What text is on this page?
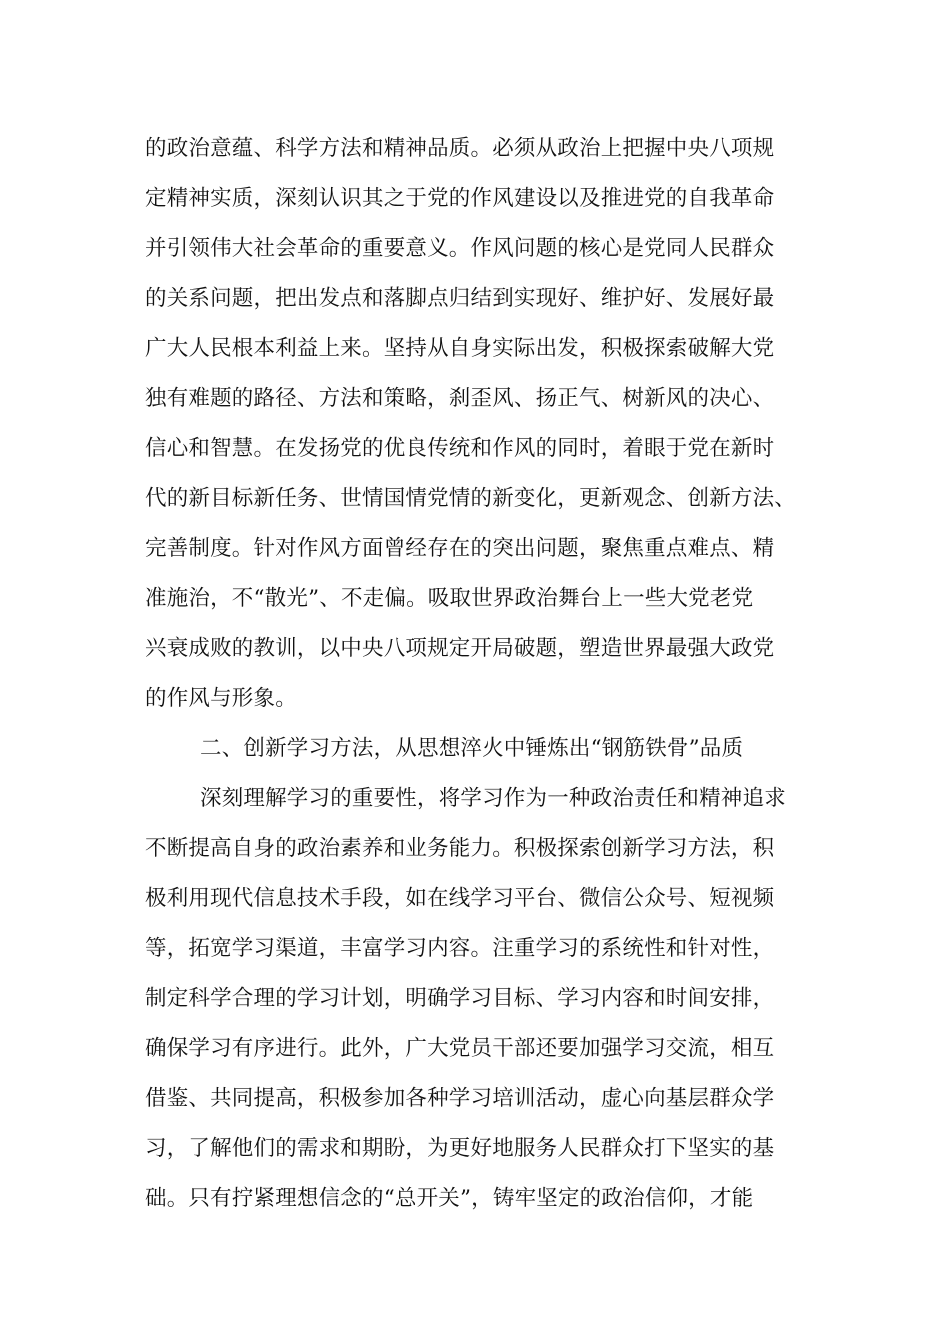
的政治意蕴、科学方法和精神品质。必须从政治上把握中央八项规
定精神实质，深刻认识其之于党的作风建设以及推进党的自我革命
并引领伟大社会革命的重要意义。作风问题的核心是党同人民群众
的关系问题，把出发点和落脚点归结到实现好、维护好、发展好最
广大人民根本利益上来。坚持从自身实际出发，积极探索破解大党
独有难题的路径、方法和策略，刹歪风、扬正气、树新风的决心、
信心和智慧。在发扬党的优良传统和作风的同时，着眼于党在新时
代的新目标新任务、世情国情党情的新变化，更新观念、创新方法、
完善制度。针对作风方面曾经存在的突出问题，聚焦重点难点、精
准施治，不“散光”、不走偏。吸取世界政治舞台上一些大党老党
兴衰成败的教训，以中央八项规定开局破题，塑造世界最强大政党
的作风与形象。
二、创新学习方法，从思想淬火中锤炼出“钢筋铁骨”品质
深刻理解学习的重要性，将学习作为一种政治责任和精神追求
不断提高自身的政治素养和业务能力。积极探索创新学习方法，积
极利用现代信息技术手段，如在线学习平台、微信公众号、短视频
等，拓宽学习渠道，丰富学习内容。注重学习的系统性和针对性，
制定科学合理的学习计划，明确学习目标、学习内容和时间安排，
确保学习有序进行。此外，广大党员干部还要加强学习交流，相互
借鉴、共同提高，积极参加各种学习培训活动，虚心向基层群众学
习，了解他们的需求和期盼，为更好地服务人民群众打下坚实的基
础。只有拧紧理想信念的“总开关”，铸牢坚定的政治信仰，才能
